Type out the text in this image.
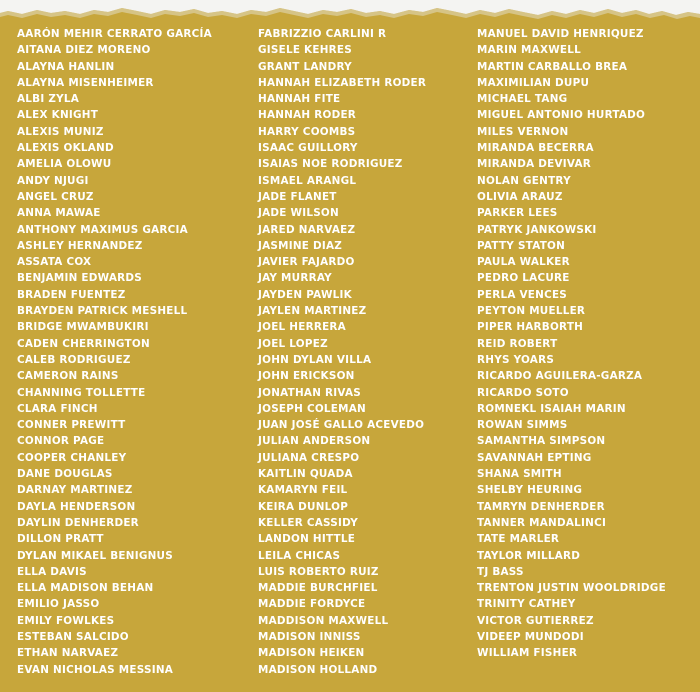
AARÓN MEHIR CERRATO GARCÍA
AITANA DIEZ MORENO
ALAYNA HANLIN
ALAYNA MISENHEIMER
ALBI ZYLA
ALEX KNIGHT
ALEXIS MUNIZ
ALEXIS OKLAND
AMELIA OLOWU
ANDY NJUGI
ANGEL CRUZ
ANNA MAWAE
ANTHONY MAXIMUS GARCIA
ASHLEY HERNANDEZ
ASSATA COX
BENJAMIN EDWARDS
BRADEN FUENTEZ
BRAYDEN PATRICK MESHELL
BRIDGE MWAMBUKIRI
CADEN CHERRINGTON
CALEB RODRIGUEZ
CAMERON RAINS
CHANNING TOLLETTE
CLARA FINCH
CONNER PREWITT
CONNOR PAGE
COOPER CHANLEY
DANE DOUGLAS
DARNAY MARTINEZ
DAYLA HENDERSON
DAYLIN DENHERDER
DILLON PRATT
DYLAN MIKAEL BENIGNUS
ELLA DAVIS
ELLA MADISON BEHAN
EMILIO JASSO
EMILY FOWLKES
ESTEBAN SALCIDO
ETHAN NARVAEZ
EVAN NICHOLAS MESSINA
FABRIZZIO CARLINI R
GISELE KEHRES
GRANT LANDRY
HANNAH ELIZABETH RODER
HANNAH FITE
HANNAH RODER
HARRY COOMBS
ISAAC GUILLORY
ISAIAS NOE RODRIGUEZ
ISMAEL ARANGL
JADE FLANET
JADE WILSON
JARED NARVAEZ
JASMINE DIAZ
JAVIER FAJARDO
JAY MURRAY
JAYDEN PAWLIK
JAYLEN MARTINEZ
JOEL HERRERA
JOEL LOPEZ
JOHN DYLAN VILLA
JOHN ERICKSON
JONATHAN RIVAS
JOSEPH COLEMAN
JUAN JOSÉ GALLO ACEVEDO
JULIAN ANDERSON
JULIANA CRESPO
KAITLIN QUADA
KAMARYN FEIL
KEIRA DUNLOP
KELLER CASSIDY
LANDON HITTLE
LEILA CHICAS
LUIS ROBERTO RUIZ
MADDIE BURCHFIEL
MADDIE FORDYCE
MADDISON MAXWELL
MADISON INNISS
MADISON HEIKEN
MADISON HOLLAND
MANUEL DAVID HENRIQUEZ
MARIN MAXWELL
MARTIN CARBALLO BREA
MAXIMILIAN DUPU
MICHAEL TANG
MIGUEL ANTONIO HURTADO
MILES VERNON
MIRANDA BECERRA
MIRANDA DEVIVAR
NOLAN GENTRY
OLIVIA ARAUZ
PARKER LEES
PATRYK JANKOWSKI
PATTY STATON
PAULA WALKER
PEDRO LACURE
PERLA VENCES
PEYTON MUELLER
PIPER HARBORTH
REID ROBERT
RHYS YOARS
RICARDO AGUILERA-GARZA
RICARDO SOTO
ROMNEKL ISAIAH MARIN
ROWAN SIMMS
SAMANTHA SIMPSON
SAVANNAH EPTING
SHANA SMITH
SHELBY HEURING
TAMRYN DENHERDER
TANNER MANDALINCI
TATE MARLER
TAYLOR MILLARD
TJ BASS
TRENTON JUSTIN WOOLDRIDGE
TRINITY CATHEY
VICTOR GUTIERREZ
VIDEEP MUNDODI
WILLIAM FISHER
